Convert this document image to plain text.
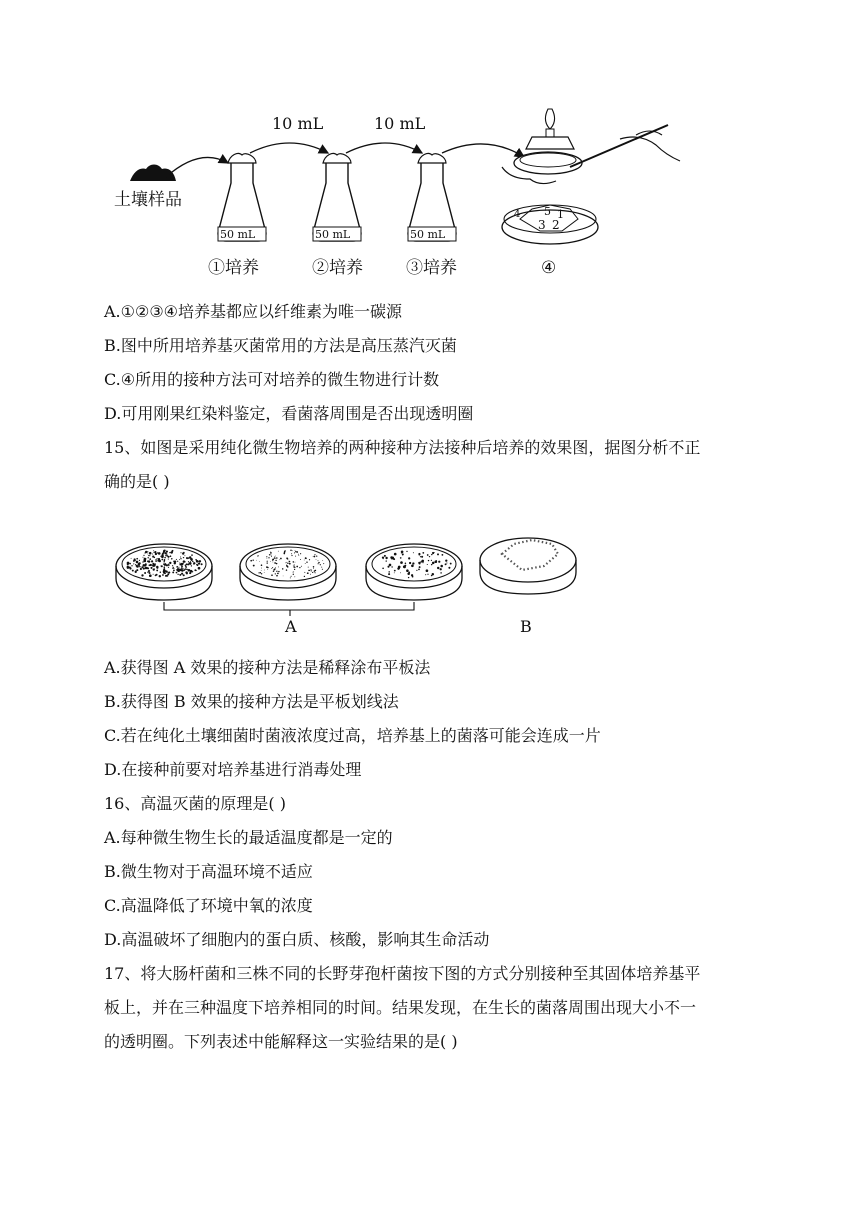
土壤样品
10 mL	10 mL
50 mL	50 mL	50 mL
4 5 1
3 2
①培养	②培养	③培养	④
A.①②③④培养基都应以纤维素为唯一碳源
B.图中所用培养基灭菌常用的方法是高压蒸汽灭菌
C.④所用的接种方法可对培养的微生物进行计数
D.可用刚果红染料鉴定，看菌落周围是否出现透明圈
15、如图是采用纯化微生物培养的两种接种方法接种后培养的效果图，据图分析不正
确的是( )
A	B
A.获得图 A 效果的接种方法是稀释涂布平板法
B.获得图 B 效果的接种方法是平板划线法
C.若在纯化土壤细菌时菌液浓度过高，培养基上的菌落可能会连成一片
D.在接种前要对培养基进行消毒处理
16、高温灭菌的原理是( )
A.每种微生物生长的最适温度都是一定的
B.微生物对于高温环境不适应
C.高温降低了环境中氧的浓度
D.高温破坏了细胞内的蛋白质、核酸，影响其生命活动
17、将大肠杆菌和三株不同的长野芽孢杆菌按下图的方式分别接种至其固体培养基平
板上，并在三种温度下培养相同的时间。结果发现，在生长的菌落周围出现大小不一
的透明圈。下列表述中能解释这一实验结果的是( )
